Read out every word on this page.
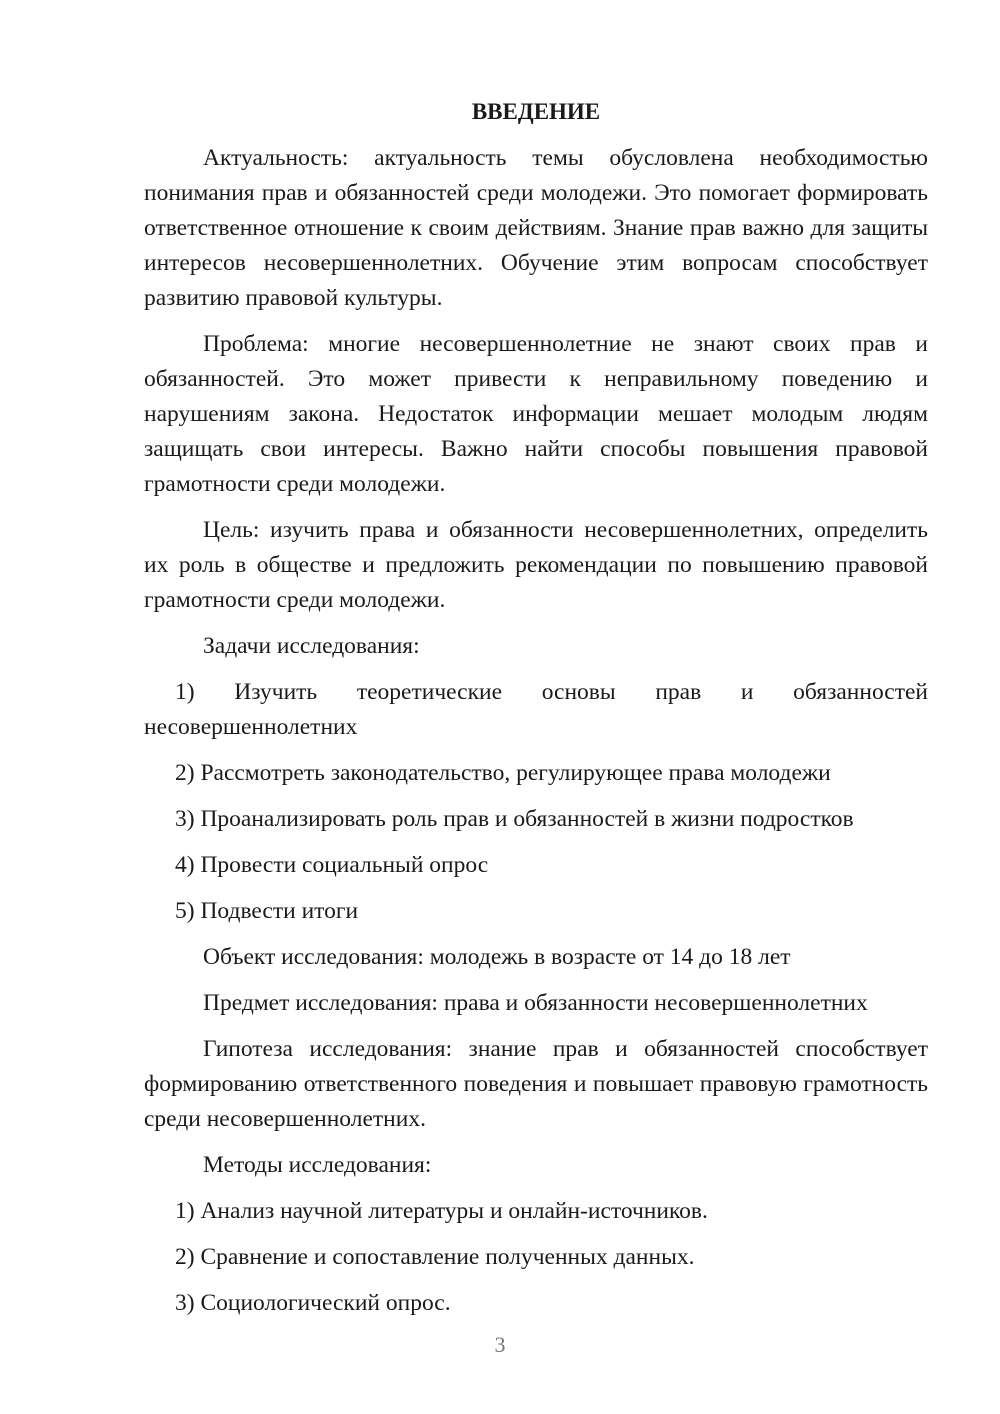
ВВЕДЕНИЕ
Актуальность: актуальность темы обусловлена необходимостью понимания прав и обязанностей среди молодежи. Это помогает формировать ответственное отношение к своим действиям. Знание прав важно для защиты интересов несовершеннолетних. Обучение этим вопросам способствует развитию правовой культуры.
Проблема: многие несовершеннолетние не знают своих прав и обязанностей. Это может привести к неправильному поведению и нарушениям закона. Недостаток информации мешает молодым людям защищать свои интересы. Важно найти способы повышения правовой грамотности среди молодежи.
Цель: изучить права и обязанности несовершеннолетних, определить их роль в обществе и предложить рекомендации по повышению правовой грамотности среди молодежи.
Задачи исследования:
1) Изучить теоретические основы прав и обязанностей несовершеннолетних
2) Рассмотреть законодательство, регулирующее права молодежи
3) Проанализировать роль прав и обязанностей в жизни подростков
4) Провести социальный опрос
5) Подвести итоги
Объект исследования: молодежь в возрасте от 14 до 18 лет
Предмет исследования: права и обязанности несовершеннолетних
Гипотеза исследования: знание прав и обязанностей способствует формированию ответственного поведения и повышает правовую грамотность среди несовершеннолетних.
Методы исследования:
1) Анализ научной литературы и онлайн-источников.
2) Сравнение и сопоставление полученных данных.
3) Социологический опрос.
3
